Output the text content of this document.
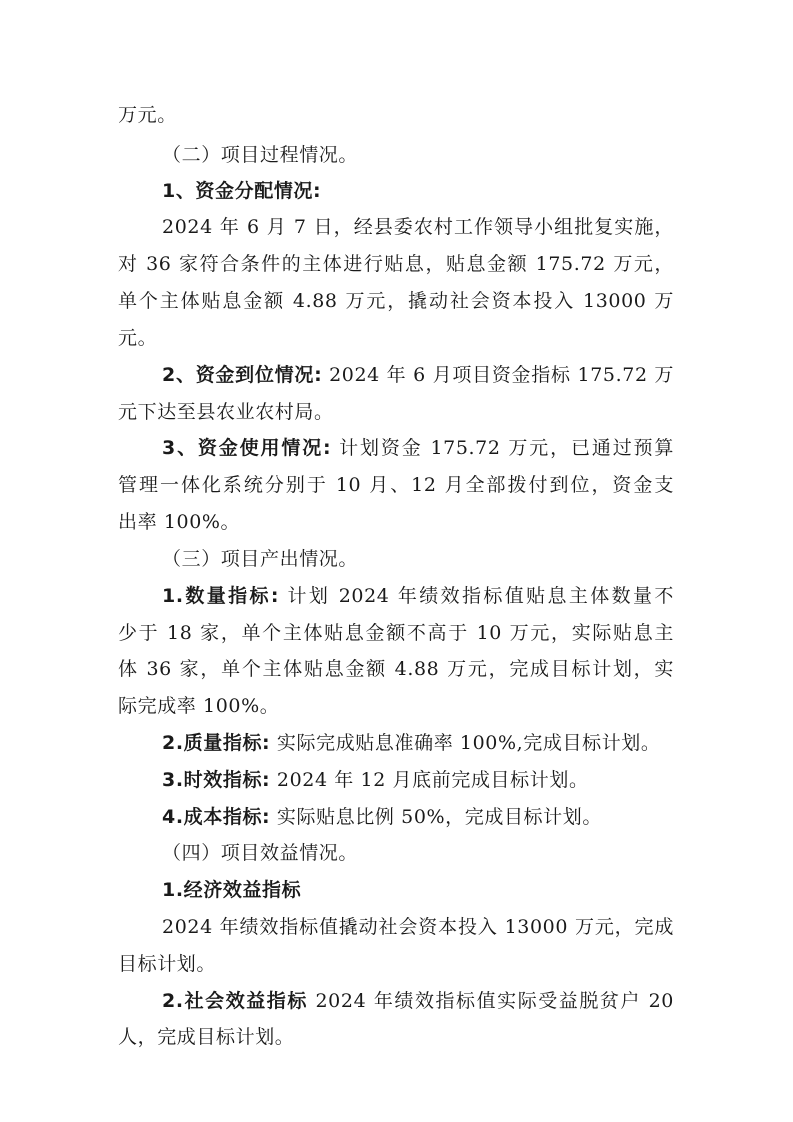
万元。
（二）项目过程情况。
1、资金分配情况:
2024 年 6 月 7 日，经县委农村工作领导小组批复实施，
对 36 家符合条件的主体进行贴息，贴息金额 175.72 万元，
单个主体贴息金额 4.88 万元，撬动社会资本投入 13000 万
元。
2、资金到位情况: 2024 年 6 月项目资金指标 175.72 万
元下达至县农业农村局。
3、资金使用情况: 计划资金 175.72 万元，已通过预算
管理一体化系统分别于 10 月、12 月全部拨付到位，资金支
出率 100%。
（三）项目产出情况。
1.数量指标: 计划 2024 年绩效指标值贴息主体数量不
少于 18 家，单个主体贴息金额不高于 10 万元，实际贴息主
体 36 家，单个主体贴息金额 4.88 万元，完成目标计划，实
际完成率 100%。
2.质量指标: 实际完成贴息准确率 100%,完成目标计划。
3.时效指标: 2024 年 12 月底前完成目标计划。
4.成本指标: 实际贴息比例 50%，完成目标计划。
（四）项目效益情况。
1.经济效益指标
2024 年绩效指标值撬动社会资本投入 13000 万元，完成
目标计划。
2.社会效益指标 2024 年绩效指标值实际受益脱贫户 20
人，完成目标计划。
